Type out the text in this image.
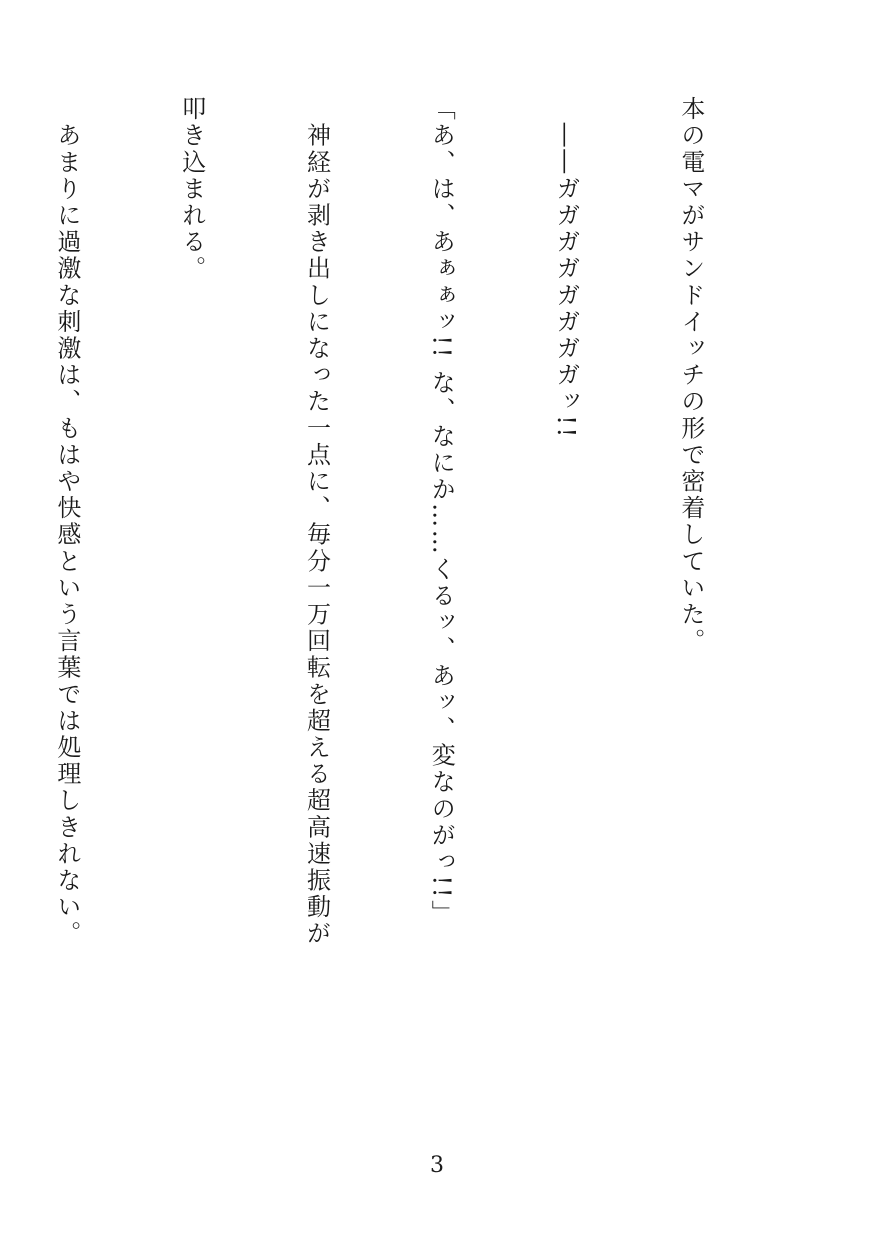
本の電マがサンドイッチの形で密着していた。

　――ガガガガガガガガッ!!

「あ、は、あぁぁッ!! な、なにか……くるッ、あッ、変なのがっ!!」

　神経が剥き出しになった一点に、毎分一万回転を超える超高速振動が

叩き込まれる。

　あまりに過激な刺激は、もはや快感という言葉では処理しきれない。

3
